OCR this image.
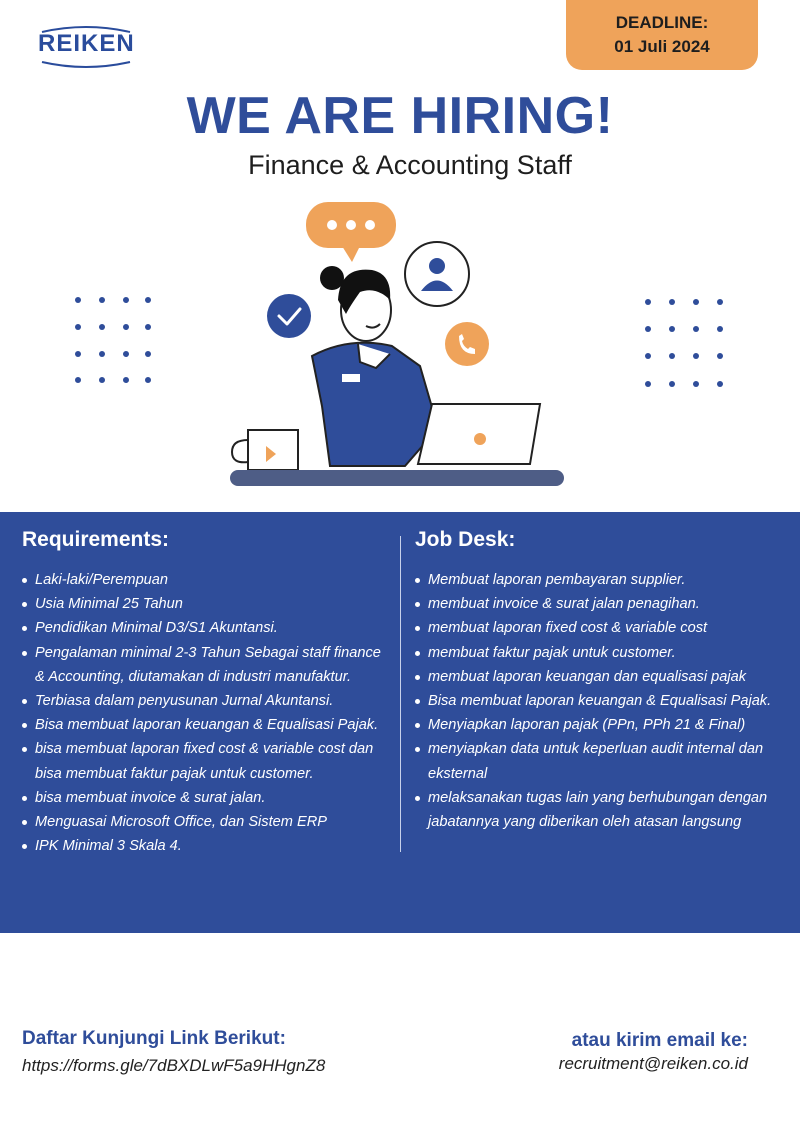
REIKEN
DEADLINE:
01 Juli 2024
WE ARE HIRING!
Finance & Accounting Staff
Requirements:
Laki-laki/Perempuan
Usia Minimal 25 Tahun
Pendidikan Minimal D3/S1 Akuntansi.
Pengalaman minimal 2-3 Tahun Sebagai staff finance & Accounting, diutamakan di industri manufaktur.
Terbiasa dalam penyusunan Jurnal Akuntansi.
Bisa membuat laporan keuangan & Equalisasi Pajak.
bisa membuat laporan fixed cost & variable cost dan bisa membuat faktur pajak untuk customer.
bisa membuat invoice & surat jalan.
Menguasai Microsoft Office, dan Sistem ERP
IPK Minimal 3 Skala 4.
Job Desk:
Membuat laporan pembayaran supplier.
membuat invoice & surat jalan penagihan.
membuat laporan fixed cost & variable cost
membuat faktur pajak untuk customer.
membuat laporan keuangan dan equalisasi pajak
Bisa membuat laporan keuangan & Equalisasi Pajak.
Menyiapkan laporan pajak (PPn, PPh 21 & Final)
menyiapkan data untuk keperluan audit internal dan eksternal
melaksanakan tugas lain yang berhubungan dengan jabatannya yang diberikan oleh atasan langsung
Daftar Kunjungi Link Berikut:
https://forms.gle/7dBXDLwF5a9HHgnZ8
atau kirim email ke:
recruitment@reiken.co.id
